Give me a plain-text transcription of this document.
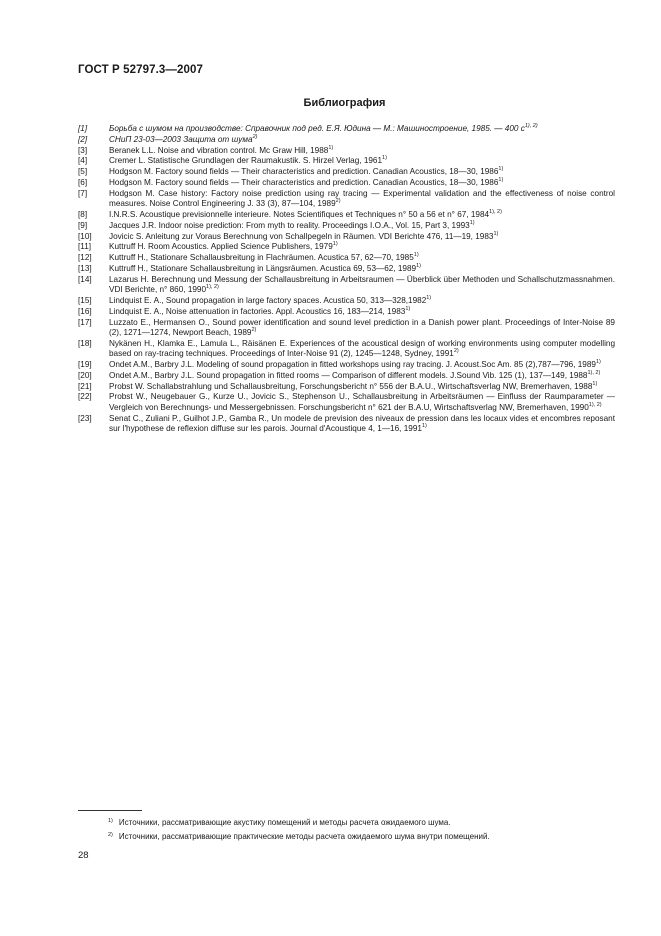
ГОСТ Р 52797.3—2007
Библиография
[1]	Борьба с шумом на производстве: Справочник под ред. Е.Я. Юдина — М.: Машиностроение, 1985. — 400 $с^{1), 2)}$
[2]	СНиП 23-03—2003 Защита от шума$^{2)}$
[3]	Beranek L.L. Noise and vibration control. Mc Graw Hill, 1988$^{1)}$
[4]	Cremer L. Statistische Grundlagen der Raumakustik. S. Hirzel Verlag, 1961$^{1)}$
[5]	Hodgson M. Factory sound fields — Their characteristics and prediction. Canadian Acoustics, 18—30, 1986$^{1)}$
[6]	Hodgson M. Factory sound fields — Their characteristics and prediction. Canadian Acoustics, 18—30, 1986$^{1)}$
[7]	Hodgson M. Case history: Factory noise prediction using ray tracing — Experimental validation and the effectiveness of noise control measures. Noise Control Engineering J. 33 (3), 87—104, 1989$^{2)}$
[8]	I.N.R.S. Acoustique previsionnelle interieure. Notes Scientifiques et Techniques n° 50 a 56 et n° 67, $1984^{1), 2)}$
[9]	Jacques J.R. Indoor noise prediction: From myth to reality. Proceedings I.O.A., Vol. 15, Part 3, 1993$^{1)}$
[10]	Jovicic S. Anleitung zur Voraus Berechnung von Schallpegeln in Räumen. VDI Berichte 476, 11—19, 1983$^{1)}$
[11]	Kuttruff H. Room Acoustics. Applied Science Publishers, 1979$^{1)}$
[12]	Kuttruff H., Stationare Schallausbreitung in Flachräumen. Acustica 57, 62—70, 1985$^{1)}$
[13]	Kuttruff H., Stationare Schallausbreitung in Längsräumen. Acustica 69, 53—62, 1989$^{1)}$
[14]	Lazarus H. Berechnung und Messung der Schallausbreitung in Arbeitsraumen — Überblick über Methoden und Schallschutzmassnahmen. VDI Berichte, n° 860, $1990^{1), 2)}$
[15]	Lindquist E. A., Sound propagation in large factory spaces. Acustica 50, 313—328,1982$^{1)}$
[16]	Lindquist E. A., Noise attenuation in factories. Appl. Acoustics 16, 183—214, 1983$^{1)}$
[17]	Luzzato E., Hermansen O., Sound power identification and sound level prediction in a Danish power plant. Proceedings of Inter-Noise 89 (2), 1271—1274, Newport Beach, 1989$^{2)}$
[18]	Nykänen H., Klamka E., Lamula L., Räisänen E. Experiences of the acoustical design of working environments using computer modelling based on ray-tracing techniques. Proceedings of Inter-Noise 91 (2), 1245—1248, Sydney, 1991$^{2)}$
[19]	Ondet A.M., Barbry J.L. Modeling of sound propagation in fitted workshops using ray tracing. J. Acoust.Soc Am. 85 (2),787—796, 1989$^{1)}$
[20]	Ondet A.M., Barbry J.L. Sound propagation in fitted rooms — Comparison of different models. J.Sound Vib. 125 (1), 137—149, $1988^{1), 2)}$
[21]	Probst W. Schallabstrahlung und Schallausbreitung, Forschungsbericht n° 556 der B.A.U., Wirtschaftsverlag NW, Bremerhaven, 1988$^{1)}$
[22]	Probst W., Neugebauer G., Kurze U., Jovicic S., Stephenson U., Schallausbreitung in Arbeitsräumen — Einfluss der Raumparameter — Vergleich von Berechnungs- und Messergebnissen. Forschungsbericht n° 621 der B.A.U, Wirtschaftsverlag NW, Bremerhaven, $1990^{1), 2)}$
[23]	Senat C., Zuliani P., Guilhot J.P., Gamba R., Un modele de prevision des niveaux de pression dans les locaux vides et encombres reposant sur l'hypothese de reflexion diffuse sur les parois. Journal d'Acoustique 4, 1—16, 1991$^{1)}$
$^{1)}$ Источники, рассматривающие акустику помещений и методы расчета ожидаемого шума.
$^{2)}$ Источники, рассматривающие практические методы расчета ожидаемого шума внутри помещений.
28
